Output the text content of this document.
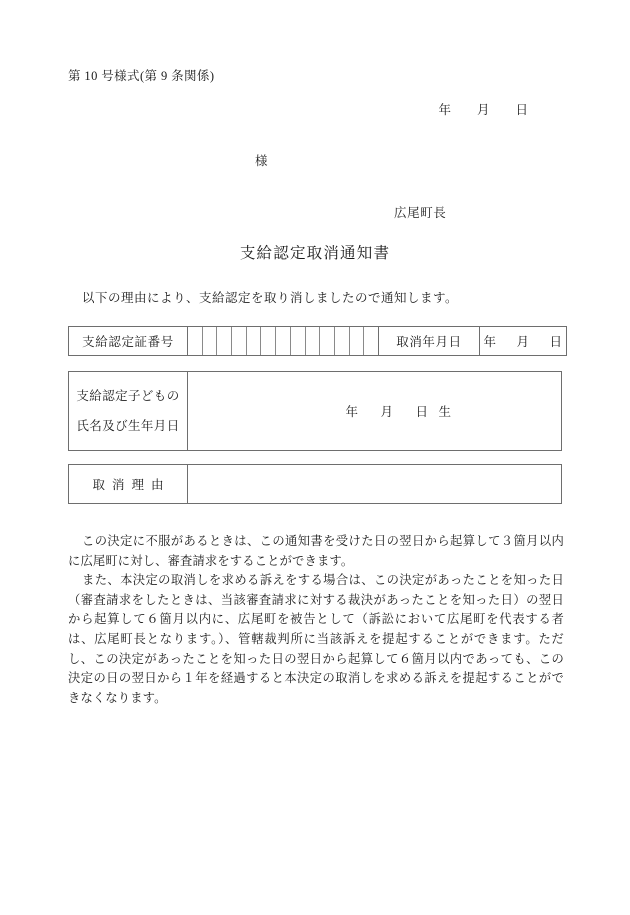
第 10 号様式(第 9 条関係)
年 月 日
様
広尾町長
支給認定取消通知書
以下の理由により、支給認定を取り消しましたので通知します。
支給認定証番号		取消年月日	年 月 日
支給認定子どもの
氏名及び生年月日
	年 月 日 生
取消理由	

この決定に不服があるときは、この通知書を受けた日の翌日から起算して３箇月以内に広尾町に対し、審査請求をすることができます。

また、本決定の取消しを求める訴えをする場合は、この決定があったことを知った日（審査請求をしたときは、当該審査請求に対する裁決があったことを知った日）の翌日から起算して６箇月以内に、広尾町を被告として（訴訟において広尾町を代表する者は、広尾町長となります。）、管轄裁判所に当該訴えを提起することができます。ただし、この決定があったことを知った日の翌日から起算して６箇月以内であっても、この決定の日の翌日から１年を経過すると本決定の取消しを求める訴えを提起することができなくなります。
